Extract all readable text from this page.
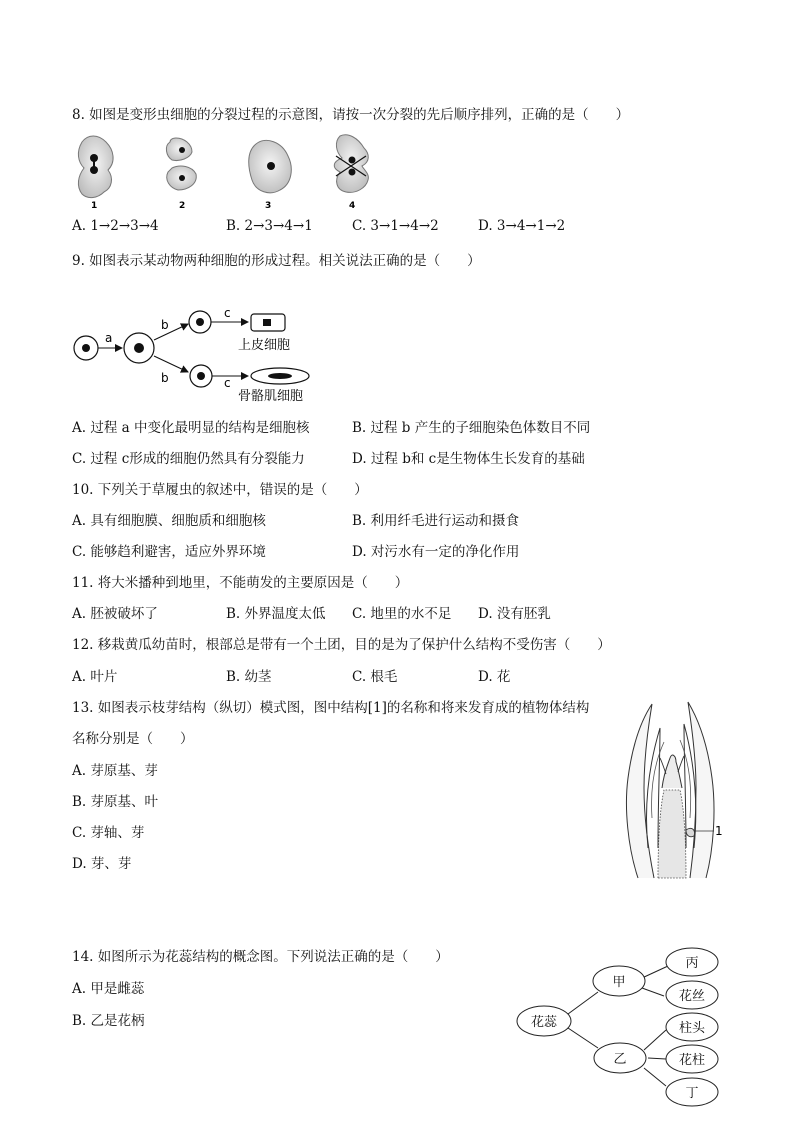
8. 如图是变形虫细胞的分裂过程的示意图，请按一次分裂的先后顺序排列，正确的是（　　）
1	2	3	4
A. 1→2→3→4	B. 2→3→4→1	C. 3→1→4→2	D. 3→4→1→2
9. 如图表示某动物两种细胞的形成过程。相关说法正确的是（　　）
a
b
c
上皮细胞
b	c
骨骼肌细胞
A. 过程 a 中变化最明显的结构是细胞核	B. 过程 b 产生的子细胞染色体数目不同
C. 过程 c形成的细胞仍然具有分裂能力	D. 过程 b和 c是生物体生长发育的基础
10. 下列关于草履虫的叙述中，错误的是（　　）
A. 具有细胞膜、细胞质和细胞核	B. 利用纤毛进行运动和摄食
C. 能够趋利避害，适应外界环境	D. 对污水有一定的净化作用
11. 将大米播种到地里，不能萌发的主要原因是（　　）
A. 胚被破坏了	B. 外界温度太低 C. 地里的水不足 D. 没有胚乳
12. 移栽黄瓜幼苗时，根部总是带有一个土团，目的是为了保护什么结构不受伤害（　　）
A. 叶片	B. 幼茎	C. 根毛	D. 花
13. 如图表示枝芽结构（纵切）模式图，图中结构[1]的名称和将来发育成的植物体结构
名称分别是（　　）
A. 芽原基、芽
B. 芽原基、叶
C. 芽轴、芽
D. 芽、芽
1
14. 如图所示为花蕊结构的概念图。下列说法正确的是（　　）
A. 甲是雌蕊
B. 乙是花柄	花蕊
甲
乙
丙
花丝
柱头
花柱
丁
